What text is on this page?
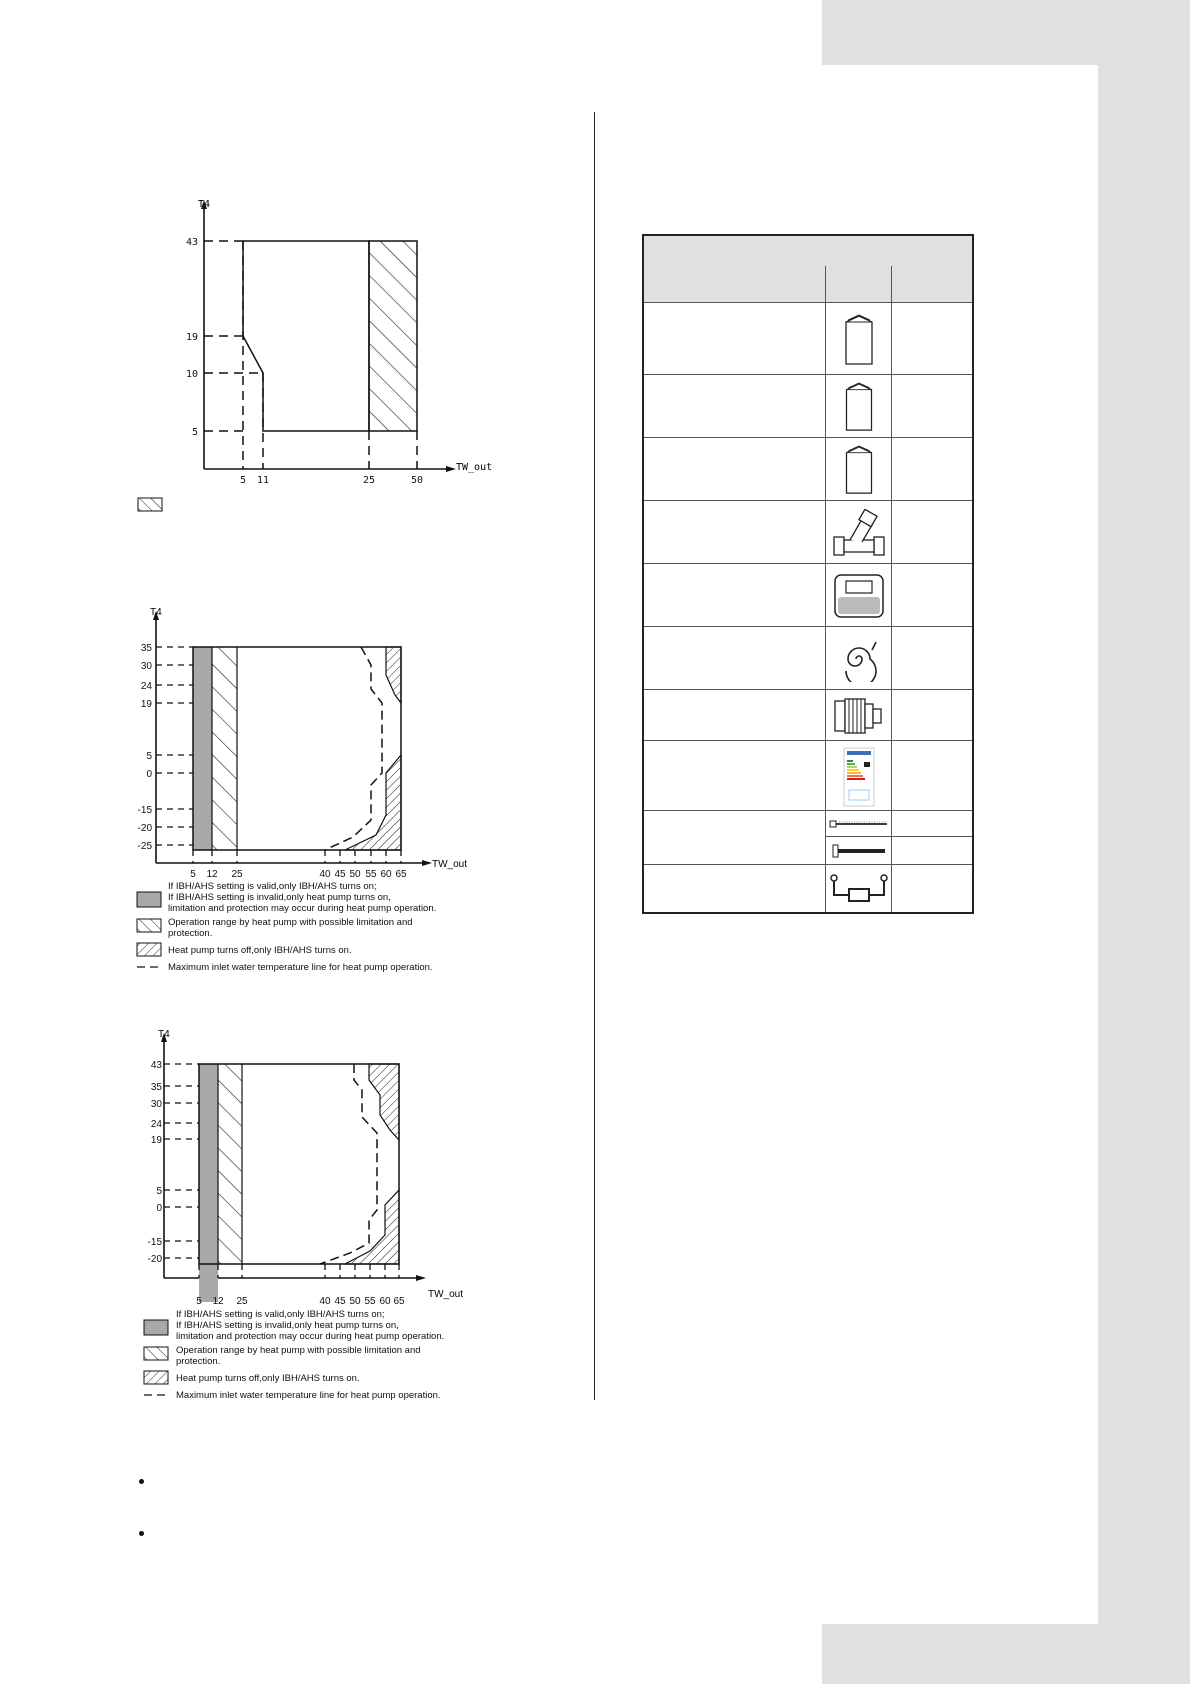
T4
TW_out
43
19
10
5
5 11	25	50
T4
TW_out
35
30
24
19
5
0
-15
-20
-25
5 12 25	40 45 50 55 60 65
If IBH/AHS setting is valid,only IBH/AHS turns on;
If IBH/AHS setting is invalid,only heat pump turns on,
limitation and protection may occur during heat pump operation.
Operation range by heat pump with possible limitation and
protection.
Heat pump turns off,only IBH/AHS turns on.
Maximum inlet water temperature line for heat pump operation.
T4
TW_out
43
35
30
24
19
5
0
-15
-20
5 12 25	40 45 50 55 60 65
If IBH/AHS setting is valid,only IBH/AHS turns on;
If IBH/AHS setting is invalid,only heat pump turns on,
limitation and protection may occur during heat pump operation.
Operation range by heat pump with possible limitation and
protection.
Heat pump turns off,only IBH/AHS turns on.
Maximum inlet water temperature line for heat pump operation.
